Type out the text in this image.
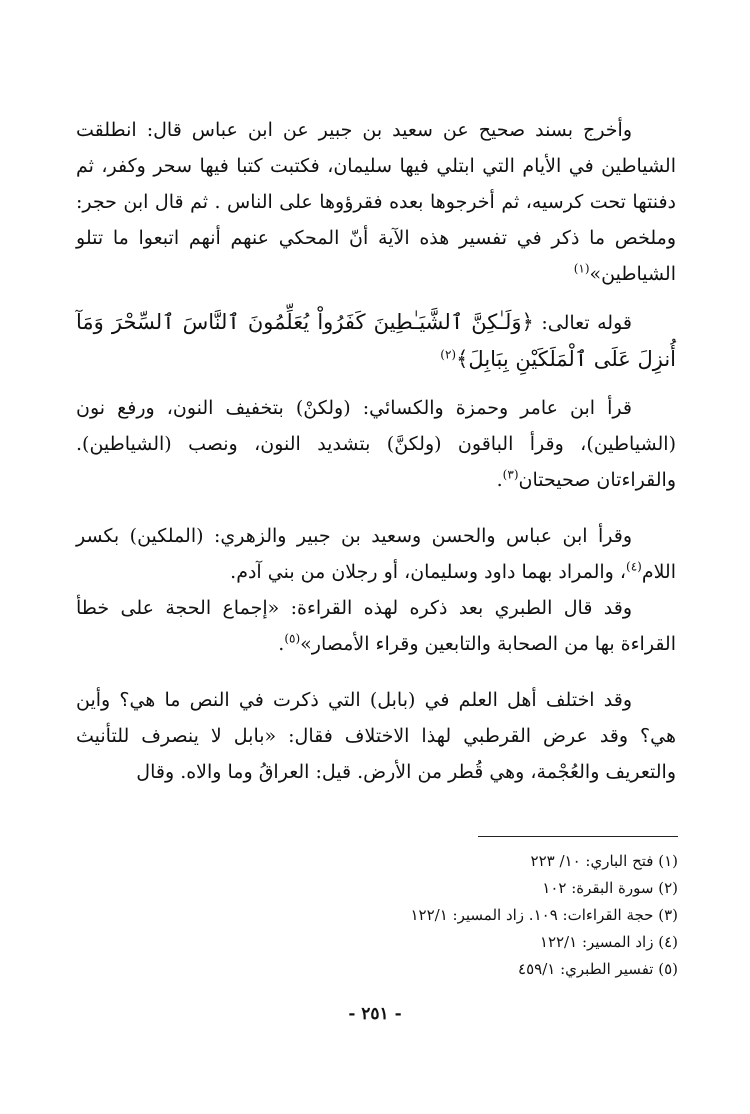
وأخرج بسند صحيح عن سعيد بن جبير عن ابن عباس قال: انطلقت الشياطين في الأيام التي ابتلي فيها سليمان، فكتبت كتبا فيها سحر وكفر، ثم دفنتها تحت كرسيه، ثم أخرجوها بعده فقرؤوها على الناس . ثم قال ابن حجر: وملخص ما ذكر في تفسير هذه الآية أنّ المحكي عنهم أنهم اتبعوا ما تتلو الشياطين»$^{(١)}$

قوله تعالى: ﴿وَلَـٰكِنَّ ٱلشَّيَـٰطِينَ كَفَرُواْ يُعَلِّمُونَ ٱلنَّاسَ ٱلسِّحْرَ وَمَآ أُنزِلَ عَلَى ٱلْمَلَكَيْنِ بِبَابِلَ﴾$^{(٢)}$

قرأ ابن عامر وحمزة والكسائي: (ولكنْ) بتخفيف النون، ورفع نون (الشياطين)، وقرأ الباقون (ولكنَّ) بتشديد النون، ونصب (الشياطين). والقراءتان صحيحتان$^{(٣)}$.

وقرأ ابن عباس والحسن وسعيد بن جبير والزهري: (الملكين) بكسر اللام$^{(٤)}$، والمراد بهما داود وسليمان، أو رجلان من بني آدم.

وقد قال الطبري بعد ذكره لهذه القراءة: «إجماع الحجة على خطأ القراءة بها من الصحابة والتابعين وقراء الأمصار»$^{(٥)}$.

وقد اختلف أهل العلم في (بابل) التي ذكرت في النص ما هي؟ وأين هي؟ وقد عرض القرطبي لهذا الاختلاف فقال: «بابل لا ينصرف للتأنيث والتعريف والعُجْمة، وهي قُطر من الأرض. قيل: العراقُ وما والاه. وقال

(١) فتح الباري: ١٠/ ٢٢٣

(٢) سورة البقرة: ١٠٢

(٣) حجة القراءات: ١٠٩. زاد المسير: ١٢٢/١

(٤) زاد المسير: ١٢٢/١

(٥) تفسير الطبري: ٤٥٩/١

- ٢٥١ -
